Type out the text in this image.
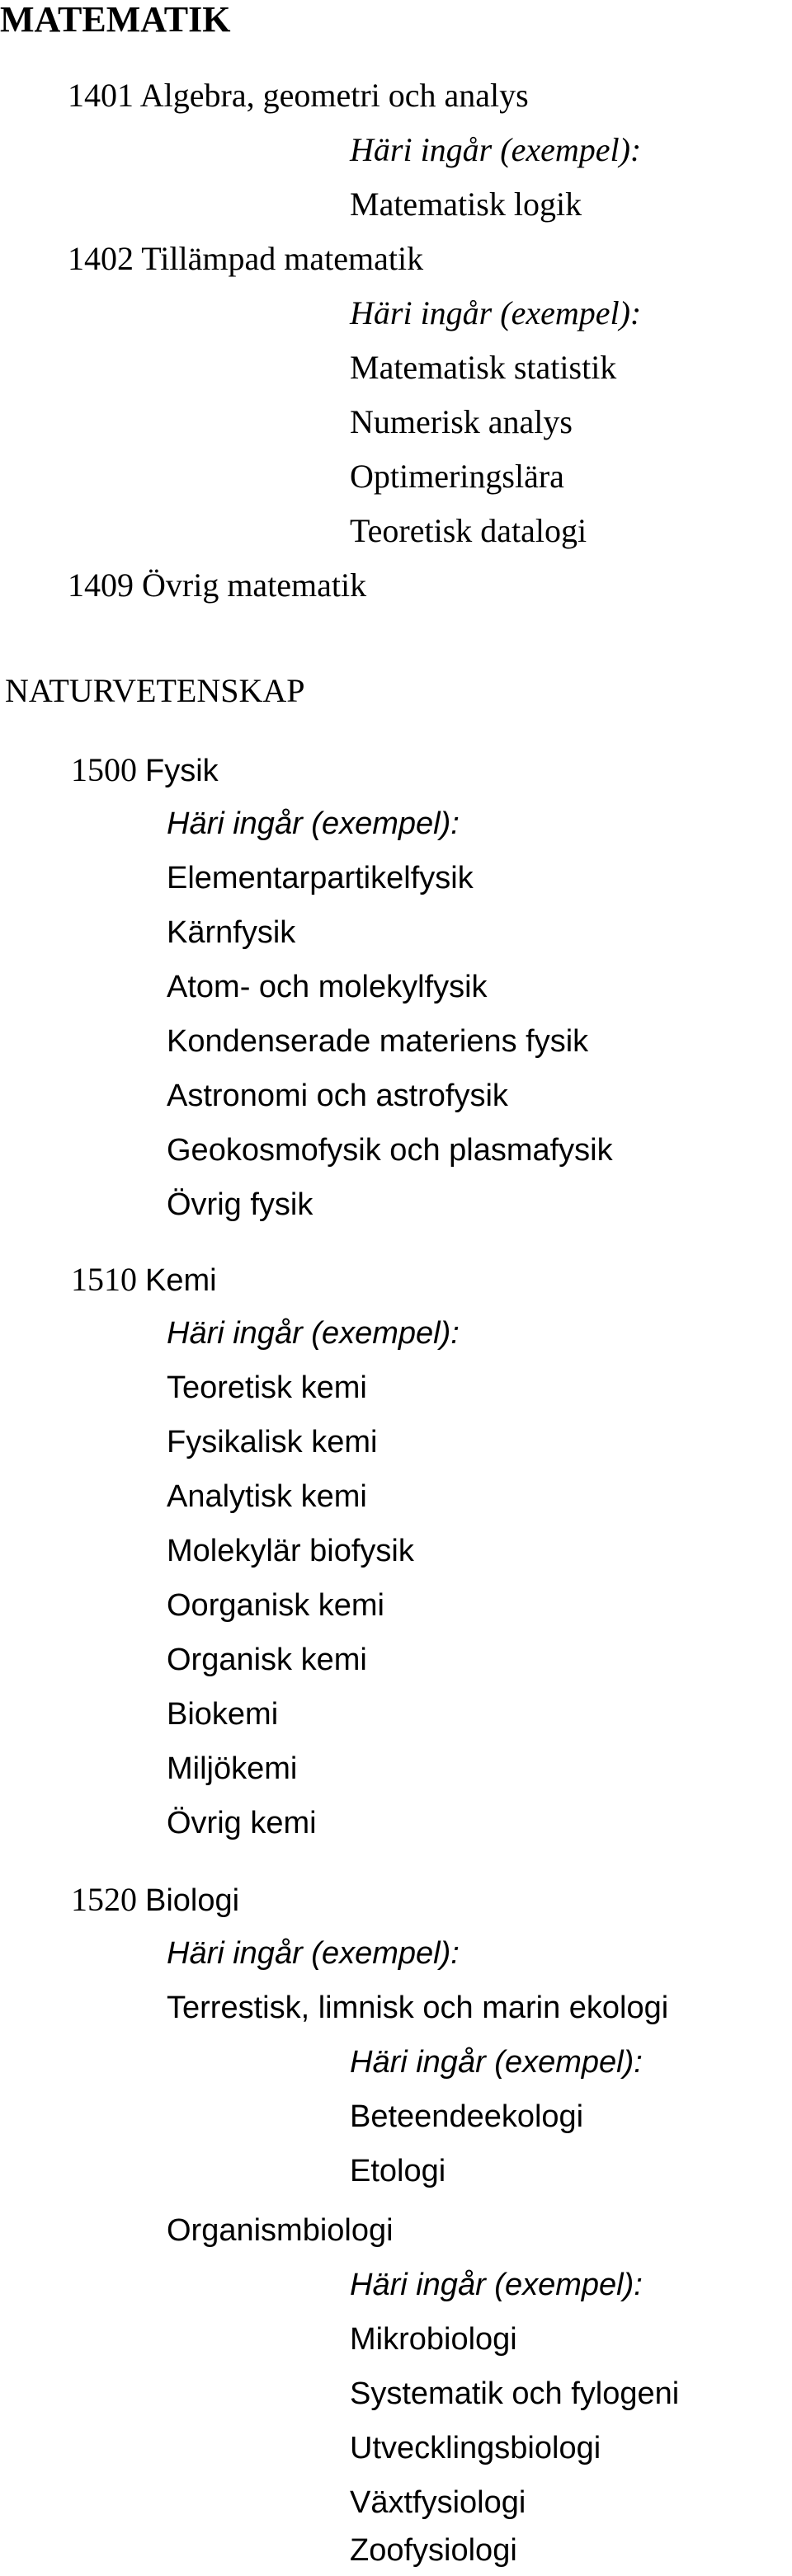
MATEMATIK
1401 Algebra, geometri och analys
Häri ingår (exempel):
Matematisk logik
1402 Tillämpad matematik
Häri ingår (exempel):
Matematisk statistik
Numerisk analys
Optimeringslära
Teoretisk datalogi
1409 Övrig matematik
NATURVETENSKAP
1500 Fysik
Häri ingår (exempel):
Elementarpartikelfysik
Kärnfysik
Atom- och molekylfysik
Kondenserade materiens fysik
Astronomi och astrofysik
Geokosmofysik och plasmafysik
Övrig fysik
1510 Kemi
Häri ingår (exempel):
Teoretisk kemi
Fysikalisk kemi
Analytisk kemi
Molekylär biofysik
Oorganisk kemi
Organisk kemi
Biokemi
Miljökemi
Övrig kemi
1520 Biologi
Häri ingår (exempel):
Terrestisk, limnisk och marin ekologi
Häri ingår (exempel):
Beteendeekologi
Etologi
Organismbiologi
Häri ingår (exempel):
Mikrobiologi
Systematik och fylogeni
Utvecklingsbiologi
Växtfysiologi
Zoofysiologi
